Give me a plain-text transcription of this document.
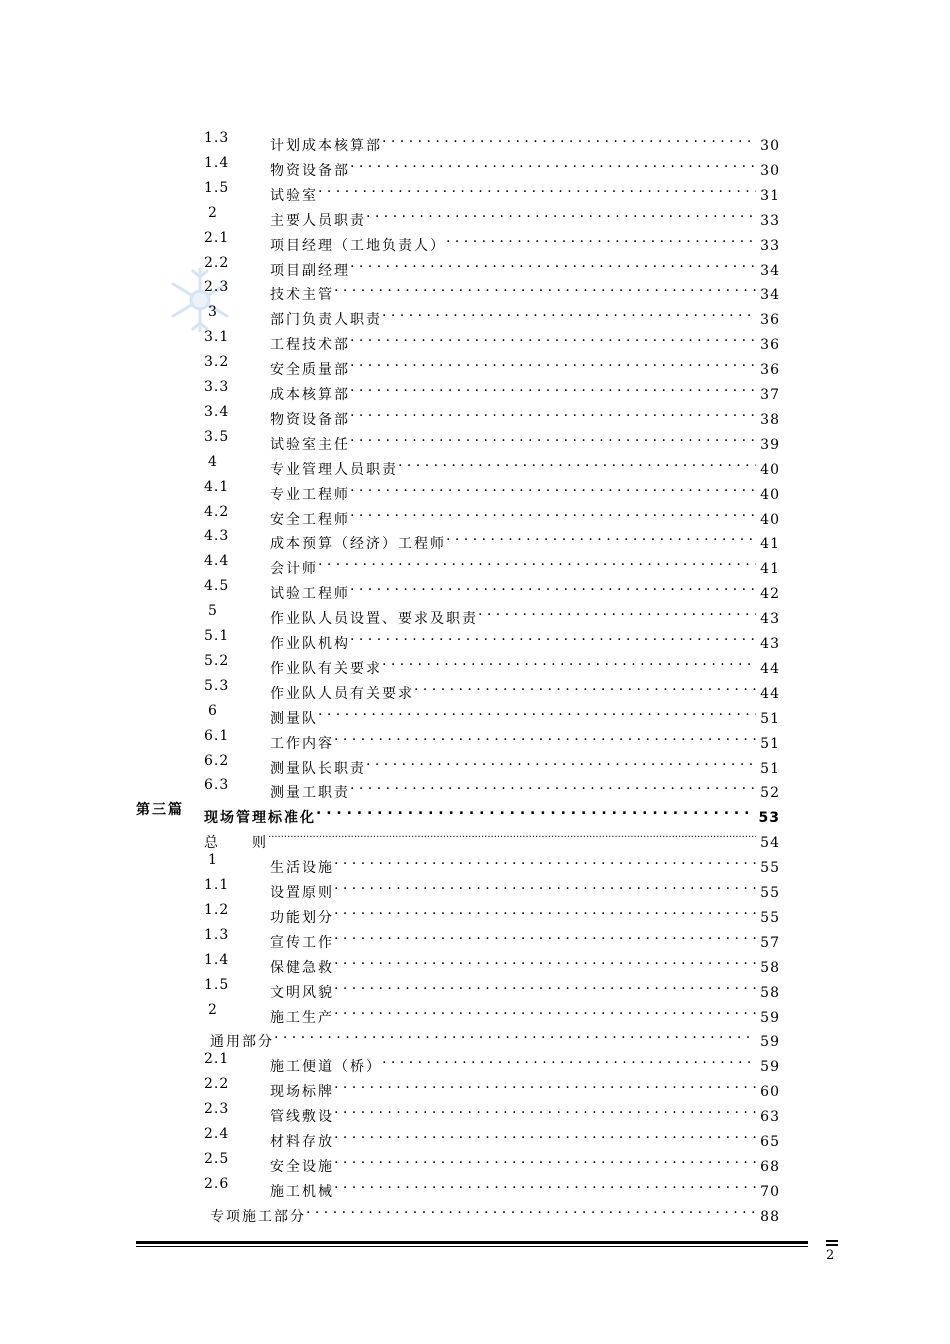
1.3	计划成本核算部 . . .	30
1.4	物资设备部 . . .	30
1.5	试验室 . . .	31
2	主要人员职责 . . .	33
2.1	项目经理（工地负责人） . . .	33
2.2	项目副经理 . . .	34
2.3	技术主管 . . .	34
3	部门负责人职责 . . .	36
3.1	工程技术部 . . .	36
3.2	安全质量部 . . .	36
3.3	成本核算部 . . .	37
3.4	物资设备部 . . .	38
3.5	试验室主任 . . .	39
4	专业管理人员职责 . . .	40
4.1	专业工程师 . . .	40
4.2	安全工程师 . . .	40
4.3	成本预算（经济）工程师 . . .	41
4.4	会计师 . . .	41
4.5	试验工程师 . . .	42
5	作业队人员设置、要求及职责 . . .	43
5.1	作业队机构 . . .	43
5.2	作业队有关要求 . . .	44
5.3	作业队人员有关要求 . . .	44
6	测量队 . . .	51
6.1	工作内容 . . .	51
6.2	测量队长职责 . . .	51
6.3	测量工职责 . . .	52
第三篇 现场管理标准化 . . .	53
总　　则 .....	54
1	生活设施 . . .	55
1.1	设置原则 . . .	55
1.2	功能划分 . . .	55
1.3	宣传工作 . . .	57
1.4	保健急救 . . .	58
1.5	文明风貌 . . .	58
2	施工生产 . . .	59
通用部分 . . .	59
2.1	施工便道（桥） . . .	59
2.2	现场标牌 . . .	60
2.3	管线敷设 . . .	63
2.4	材料存放 . . .	65
2.5	安全设施 . . .	68
2.6	施工机械 . . .	70
专项施工部分 . . .	88
2
